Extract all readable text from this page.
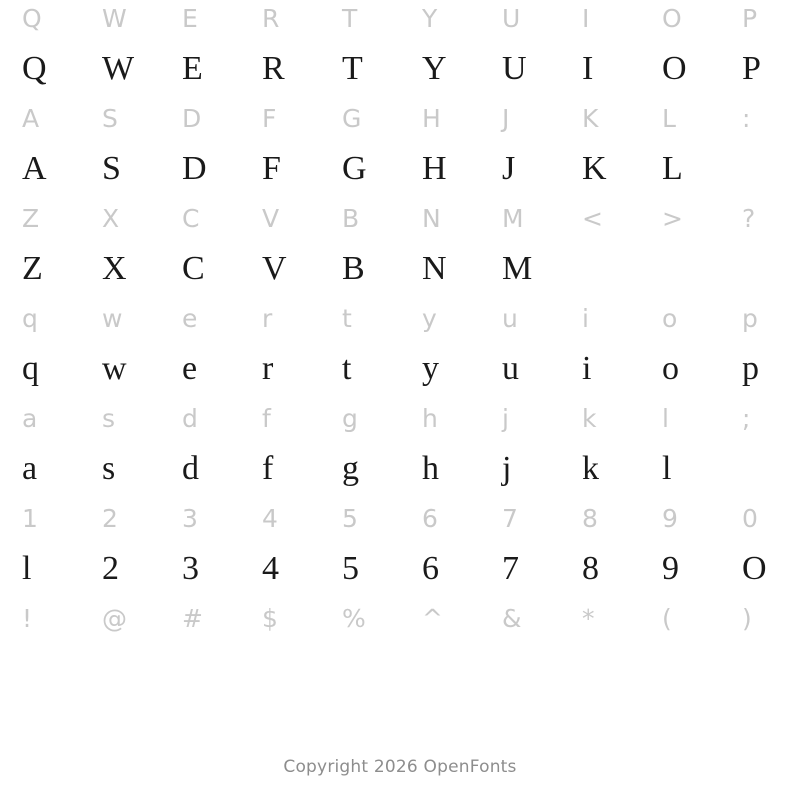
Q	W	E	R	T	Y	U	I	O	P
Q	W	E	R	T	Y	U	I	O	P
A	S	D	F	G	H	J	K	L	:
A	S	D	F	G	H	J	K	L
Z	X	C	V	B	N	M	<	>	?
Z	X	C	V	B	N	M
q	w	e	r	t	y	u	i	o	p
q	w	e	r	t	y	u	i	o	p
a	s	d	f	g	h	j	k	l	;
a	s	d	f	g	h	j	k	l
1	2	3	4	5	6	7	8	9	0
l	2	3	4	5	6	7	8	9	O
!	@	#	$	%	^	&	*	(	)
Copyright 2026 OpenFonts
